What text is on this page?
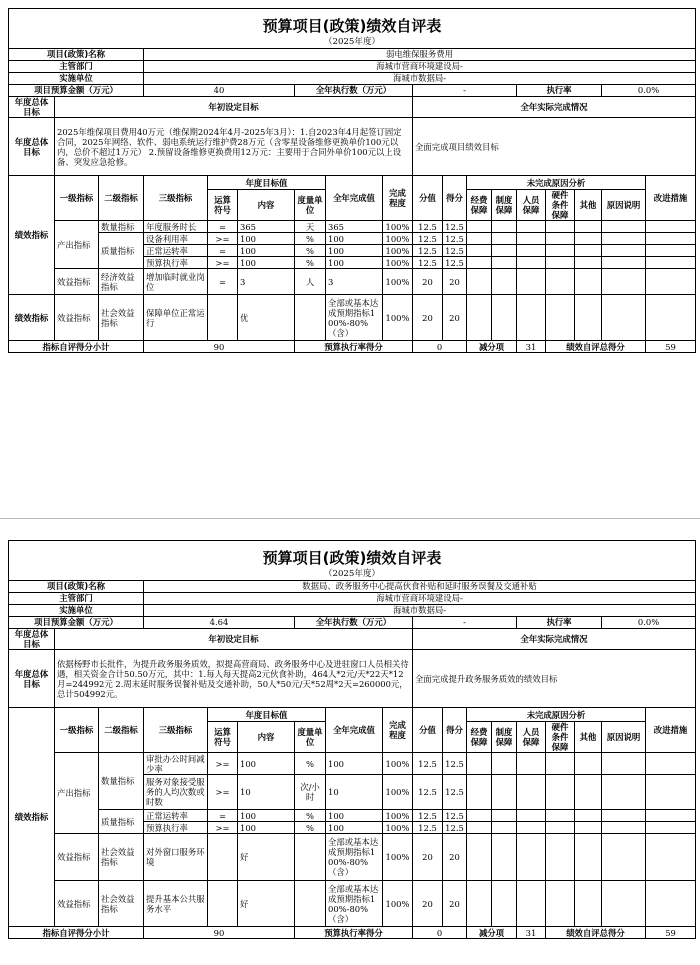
预算项目(政策)绩效自评表																	
（2025年度）																	
项目(政策)名称			弱电维保服务费用														
主管部门			海城市营商环境建设局-														
实施单位			海城市数据局-														
项目预算金额（万元）			40			全年执行数（万元）			-				执行率			0.0%	
年度总体目标	年初设定目标								全年实际完成情况								
年度总体目标	2025年维保项目费用40万元（维保期2024年4月-2025年3月）：1.自2023年4月起签订固定合同，2025年网络、软件、弱电系统运行维护费28万元（含零星设备维修更换单价100元以内，总价不超过1万元） 2.预留设备维修更换费用12万元：主要用于合同外单价100元以上设备、突发应急抢修。								全面完成项目绩效目标								
绩效指标	一级指标	二级指标	三级指标	年度目标值			全年完成值	完成程度	分值	得分	未完成原因分析						改进措施
				运算符号	内容	度量单位					经费保障	制度保障	人员保障	硬件条件保障	其他	原因说明	
	产出指标	数量指标	年度服务时长	=	365	天	365	100%	12.5	12.5							
		质量指标	设备利用率	>=	100	%	100	100%	12.5	12.5							
			正常运转率	=	100	%	100	100%	12.5	12.5							
			预算执行率	>=	100	%	100	100%	12.5	12.5							
	效益指标	经济效益指标	增加临时就业岗位	=	3	人	3	100%	20	20							
绩效指标	效益指标	社会效益指标	保障单位正常运行		优		全部或基本达成预期指标100%-80%（含）	100%	20	20							
指标自评得分小计			90			预算执行率得分			0		减分项		31	绩效自评总得分			59
预算项目(政策)绩效自评表																	
（2025年度）																	
项目(政策)名称			数据局、政务服务中心提高伙食补贴和延时服务误餐及交通补贴														
主管部门			海城市营商环境建设局-														
实施单位			海城市数据局-														
项目预算金额（万元）			4.64			全年执行数（万元）			-				执行率			0.0%	
年度总体目标	年初设定目标								全年实际完成情况								
年度总体目标	依据杨野市长批件，为提升政务服务质效，拟提高营商局、政务服务中心及进驻窗口人员相关待遇，相关资金合计50.50万元，其中：1.每人每天提高2元伙食补助，464人*2元/天*22天*12月=244992元 2.周末延时服务误餐补贴及交通补助，50人*50元/天*52周*2天=260000元，总计504992元。								全面完成提升政务服务质效的绩效目标								
绩效指标	一级指标	二级指标	三级指标	年度目标值			全年完成值	完成程度	分值	得分	未完成原因分析						改进措施
				运算符号	内容	度量单位					经费保障	制度保障	人员保障	硬件条件保障	其他	原因说明	
	产出指标	数量指标	审批办公时间减少率	>=	100	%	100	100%	12.5	12.5							
			服务对象接受服务的人均次数或时数	>=	10	次/小时	10	100%	12.5	12.5							
		质量指标	正常运转率	=	100	%	100	100%	12.5	12.5							
			预算执行率	>=	100	%	100	100%	12.5	12.5							
	效益指标	社会效益指标	对外窗口服务环境		好		全部或基本达成预期指标100%-80%（含）	100%	20	20							
	效益指标	社会效益指标	提升基本公共服务水平		好		全部或基本达成预期指标100%-80%（含）	100%	20	20							
指标自评得分小计			90			预算执行率得分			0		减分项		31	绩效自评总得分			59
